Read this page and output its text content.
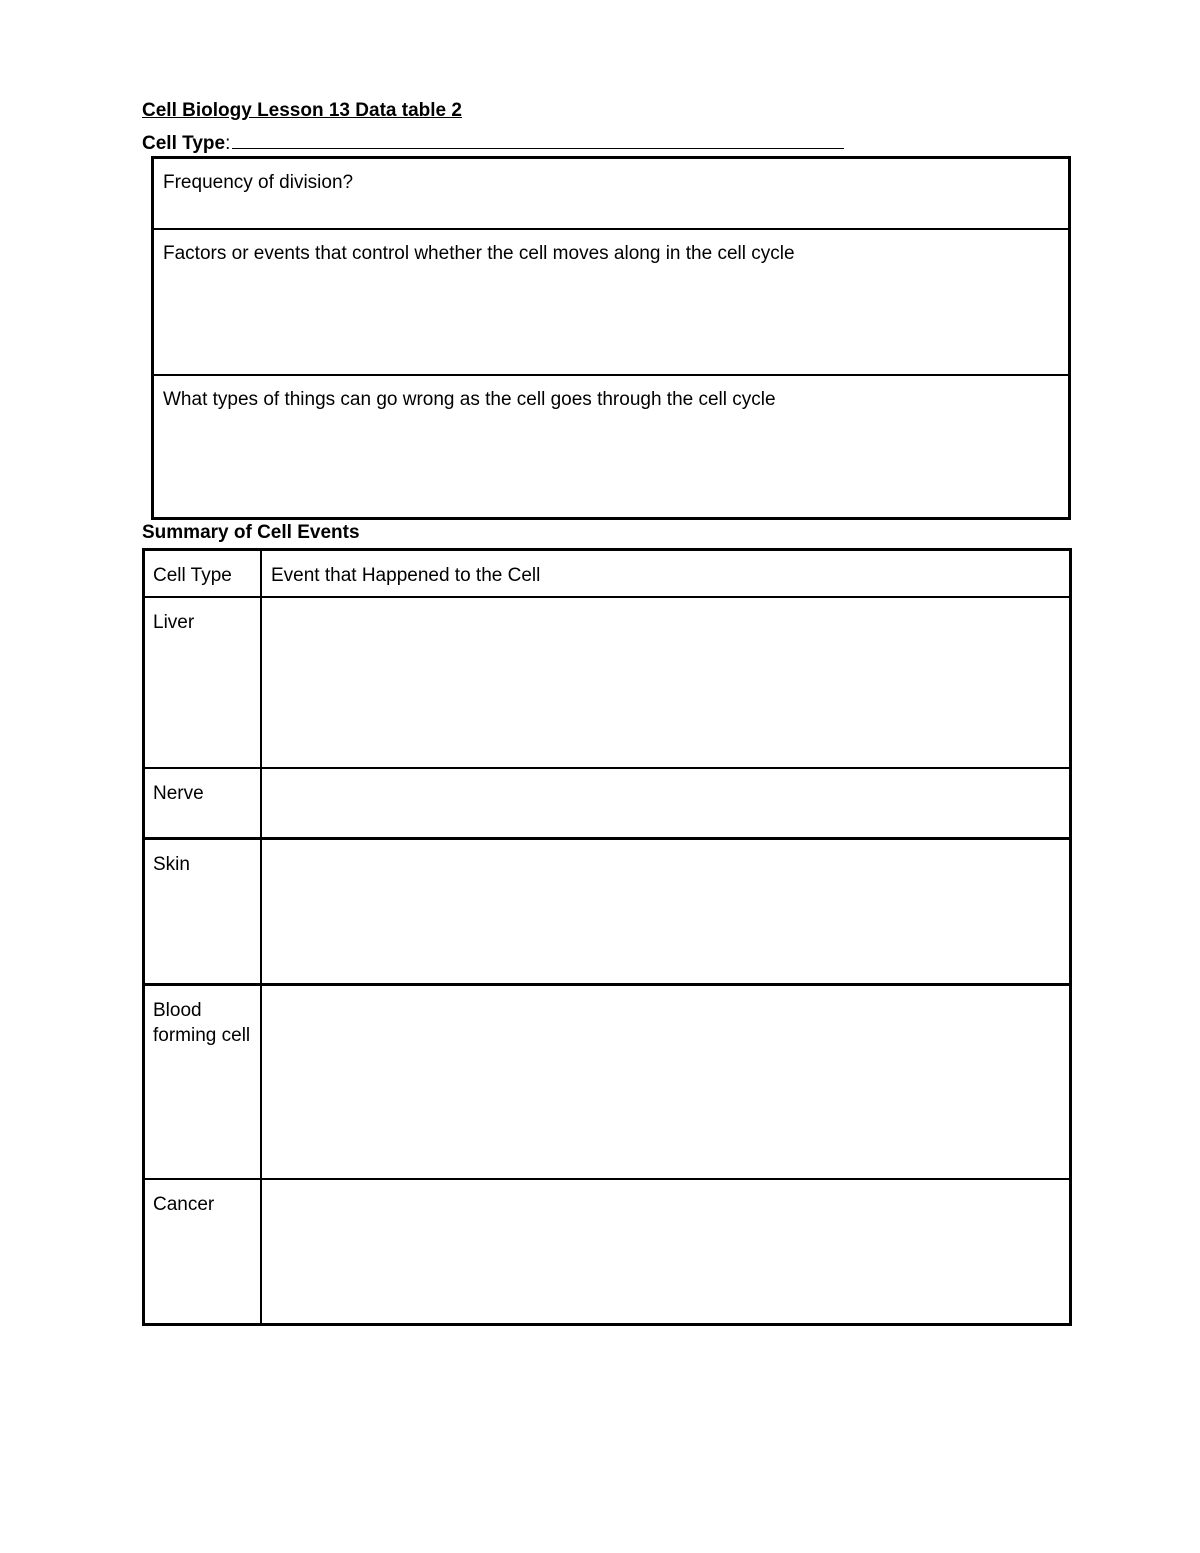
Cell Biology Lesson 13 Data table 2
Cell Type:
Frequency of division?
Factors or events that control whether the cell moves along in the cell cycle
What types of things can go wrong as the cell goes through the cell cycle
Summary of Cell Events
Cell Type	Event that Happened to the Cell
Liver
Nerve
Skin
Blood forming cell
Cancer
